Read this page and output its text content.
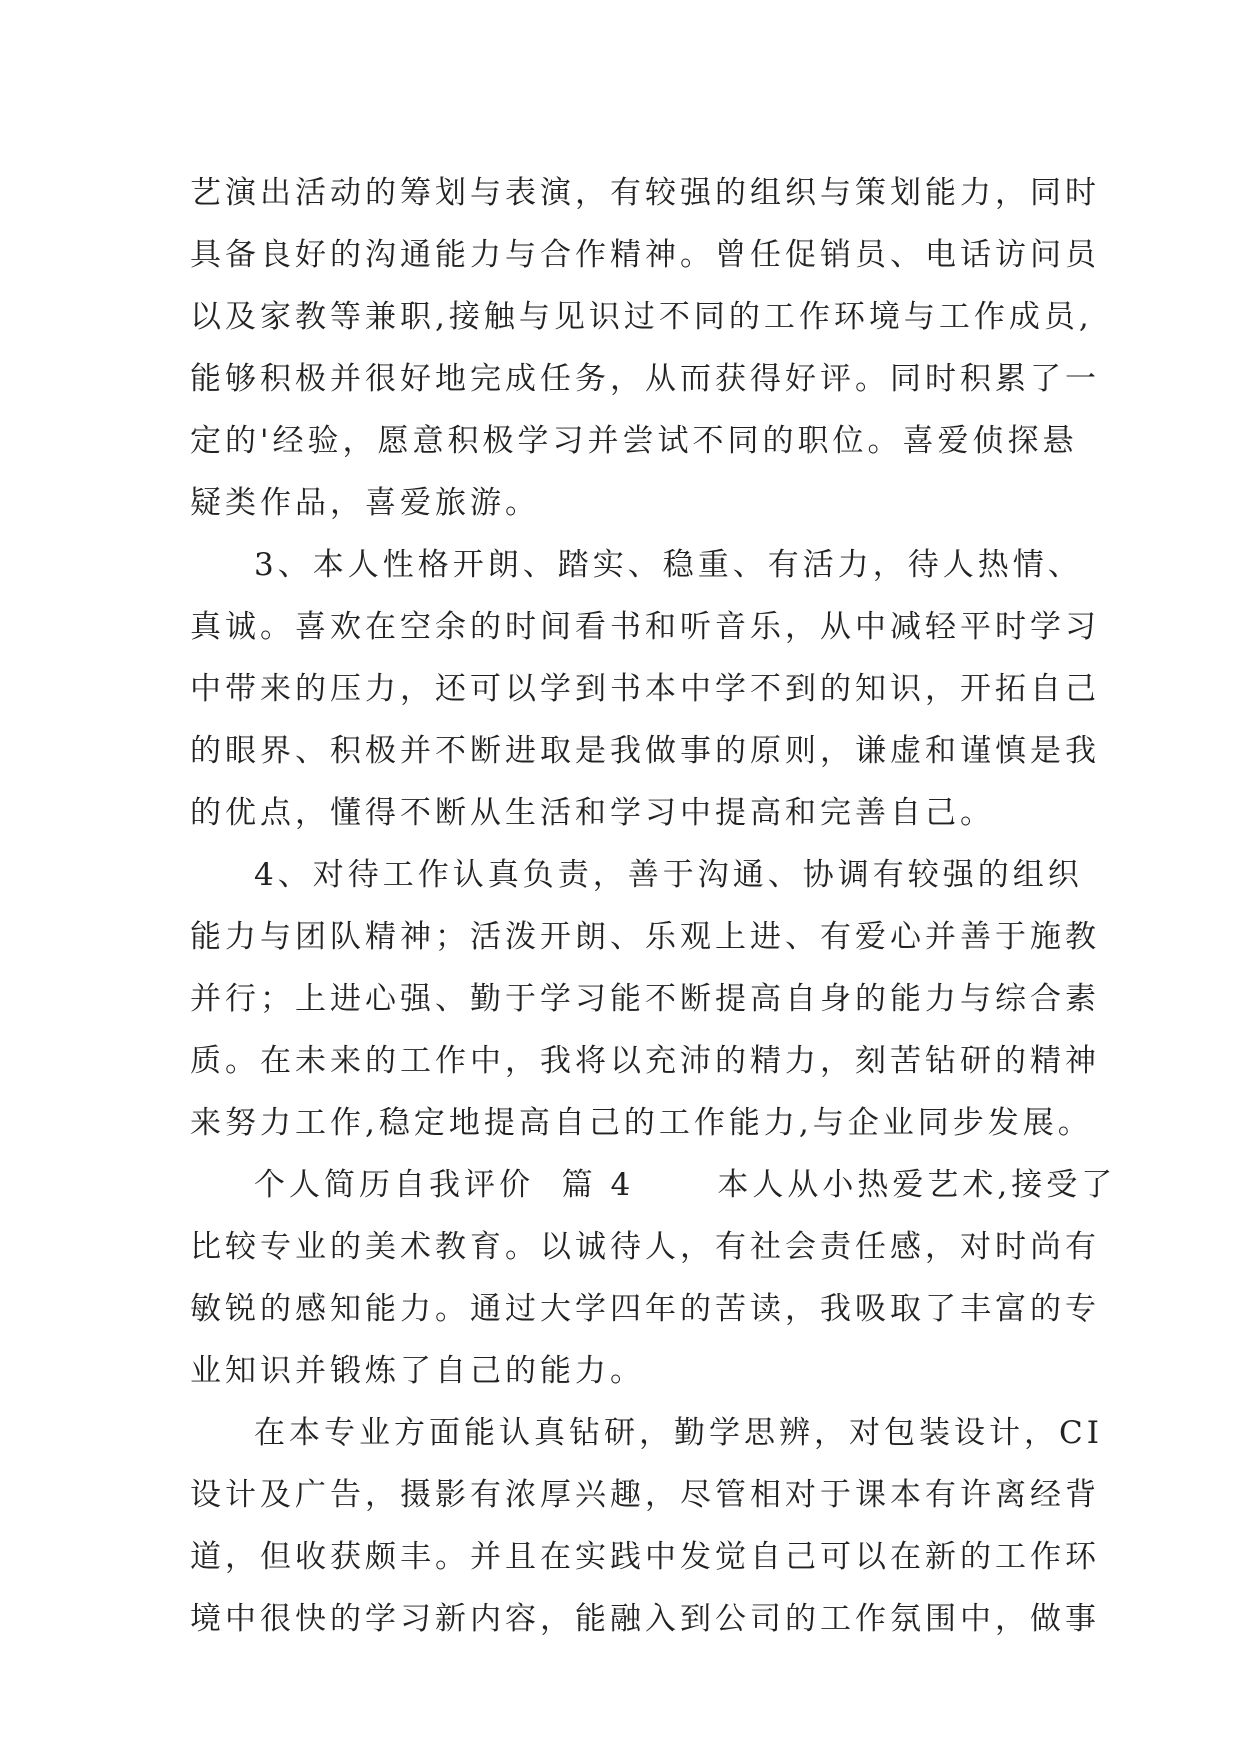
艺演出活动的筹划与表演，有较强的组织与策划能力，同时
具备良好的沟通能力与合作精神。曾任促销员、电话访问员
以及家教等兼职,接触与见识过不同的工作环境与工作成员,
能够积极并很好地完成任务，从而获得好评。同时积累了一
定的'经验，愿意积极学习并尝试不同的职位。喜爱侦探悬
疑类作品，喜爱旅游。
3、本人性格开朗、踏实、稳重、有活力，待人热情、
真诚。喜欢在空余的时间看书和听音乐，从中减轻平时学习
中带来的压力，还可以学到书本中学不到的知识，开拓自己
的眼界、积极并不断进取是我做事的原则，谦虚和谨慎是我
的优点，懂得不断从生活和学习中提高和完善自己。
4、对待工作认真负责，善于沟通、协调有较强的组织
能力与团队精神；活泼开朗、乐观上进、有爱心并善于施教
并行；上进心强、勤于学习能不断提高自身的能力与综合素
质。在未来的工作中，我将以充沛的精力，刻苦钻研的精神
来努力工作,稳定地提高自己的工作能力,与企业同步发展。
个人简历自我评价  篇 4      本人从小热爱艺术,接受了
比较专业的美术教育。以诚待人，有社会责任感，对时尚有
敏锐的感知能力。通过大学四年的苦读，我吸取了丰富的专
业知识并锻炼了自己的能力。
在本专业方面能认真钻研，勤学思辨，对包装设计，CI
设计及广告，摄影有浓厚兴趣，尽管相对于课本有许离经背
道，但收获颇丰。并且在实践中发觉自己可以在新的工作环
境中很快的学习新内容，能融入到公司的工作氛围中，做事
